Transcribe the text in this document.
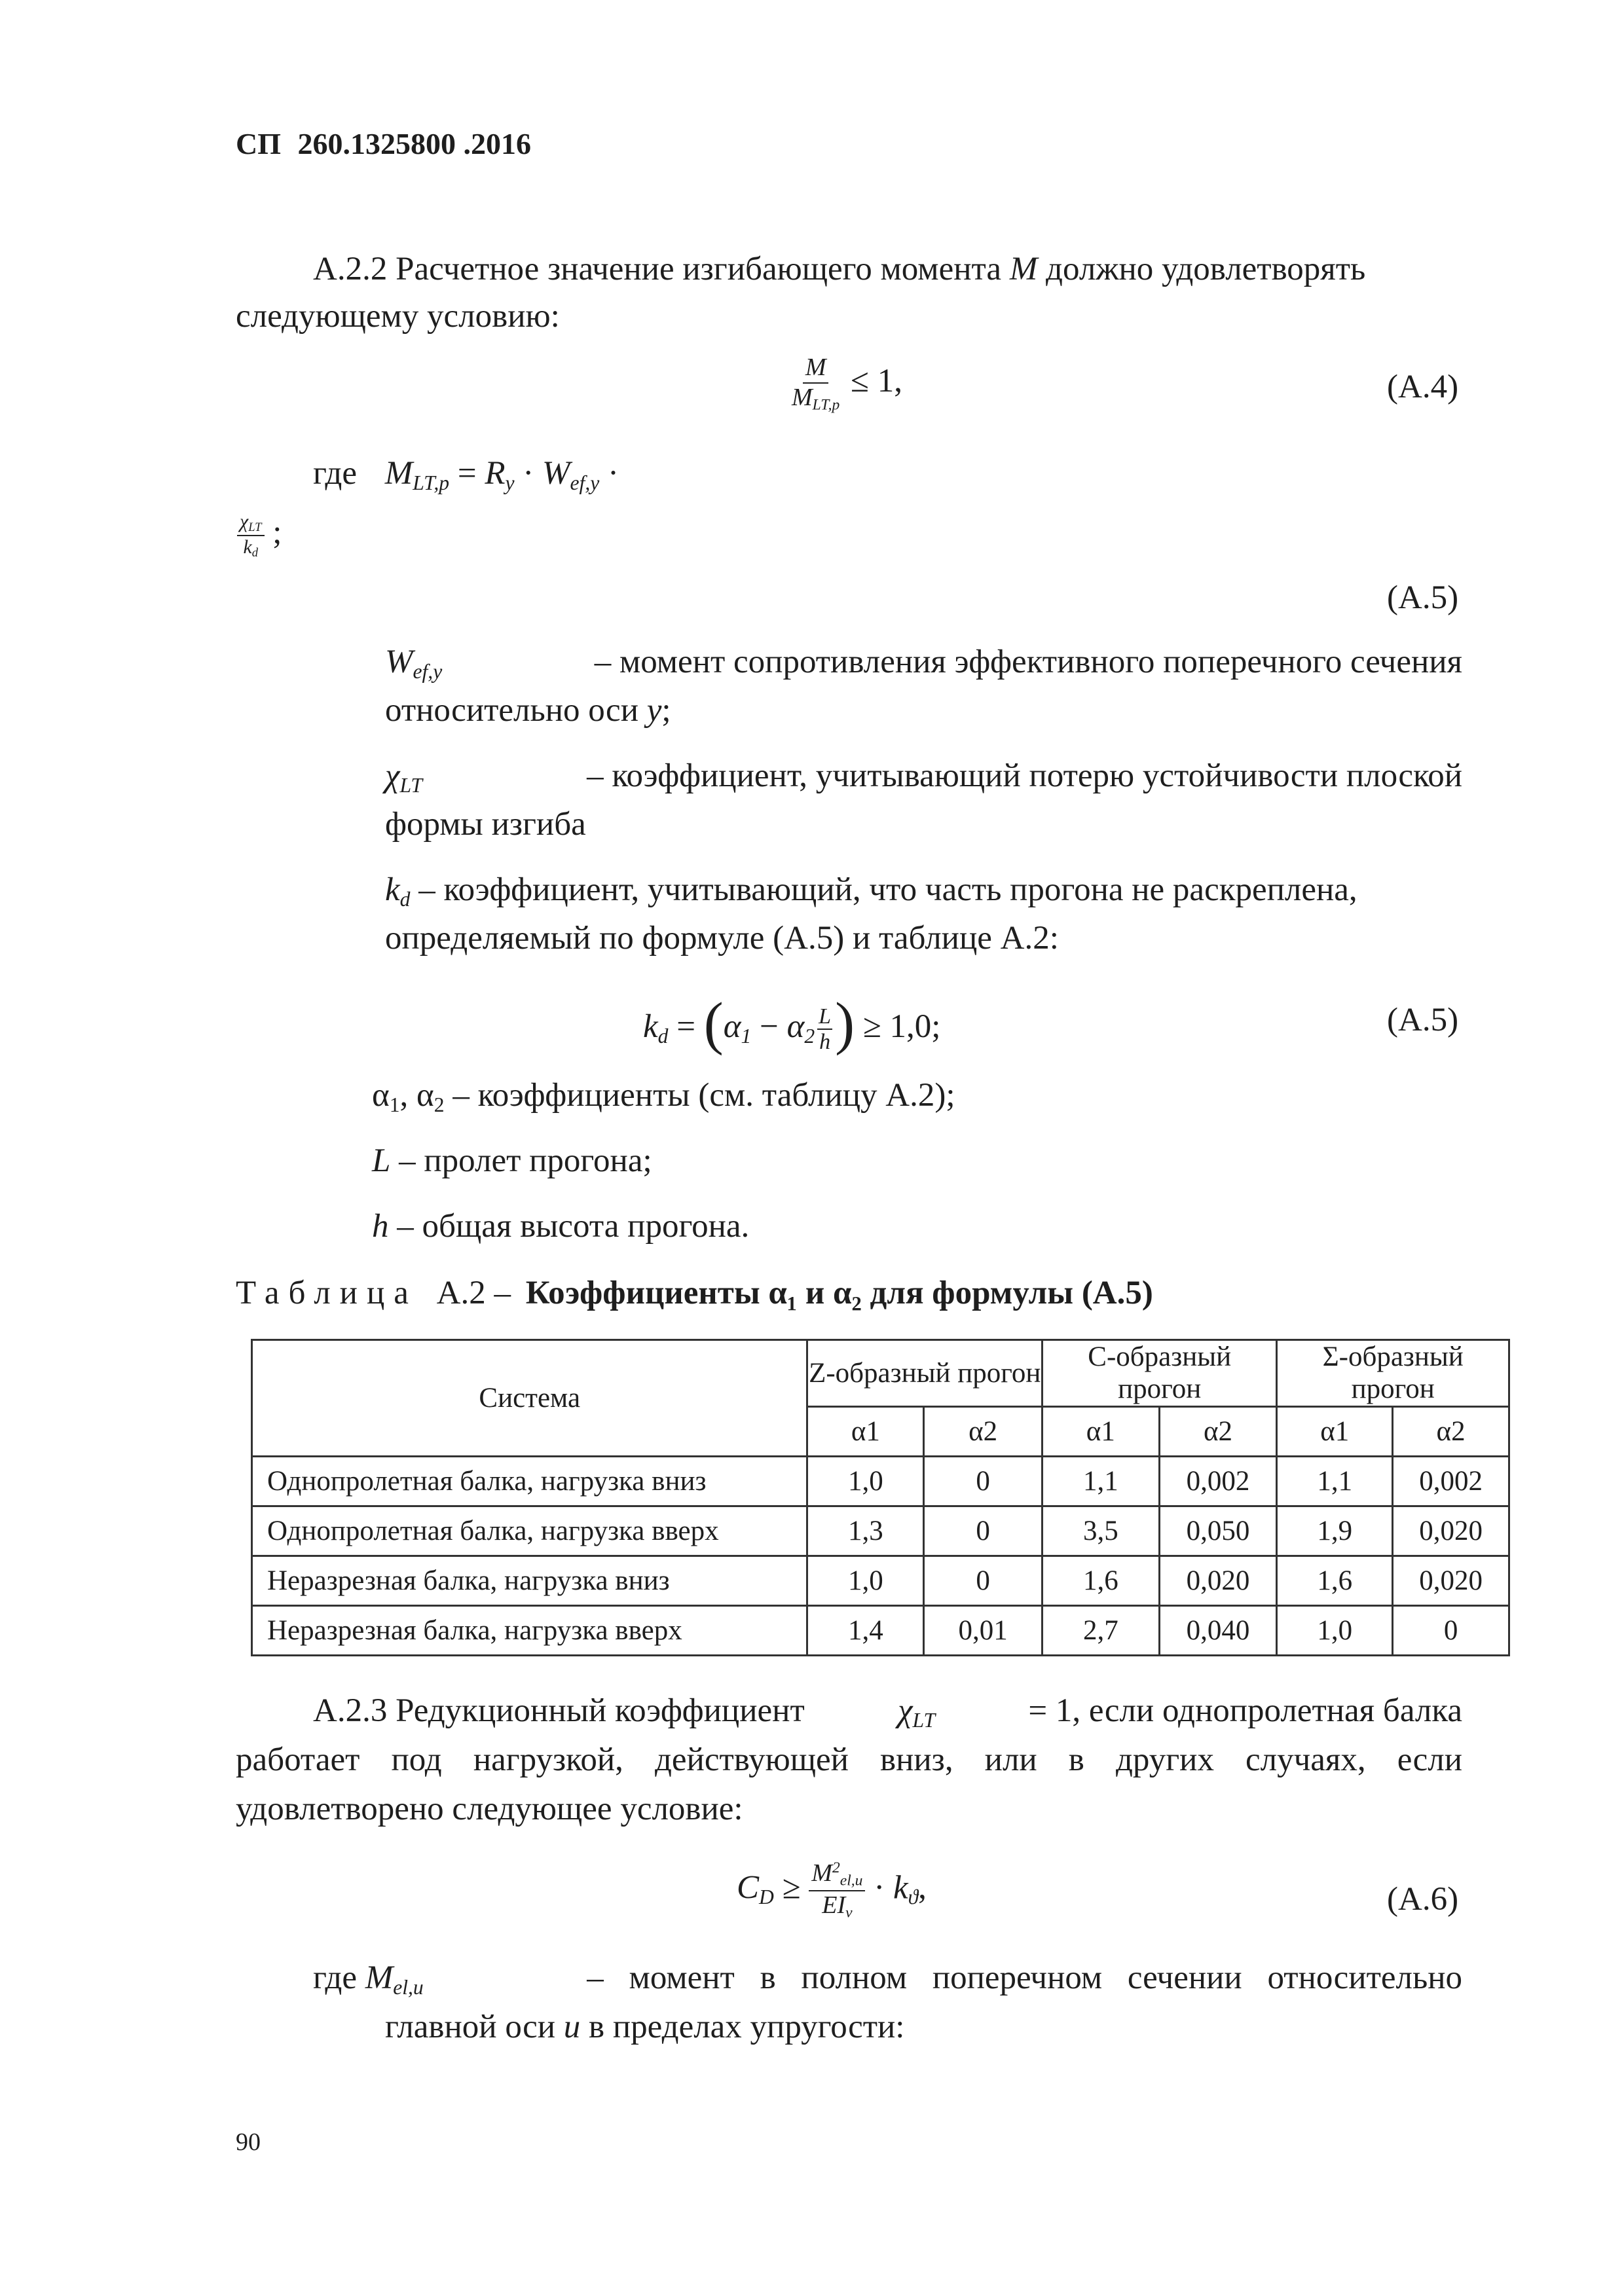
СП 260.1325800 .2016
А.2.2 Расчетное значение изгибающего момента M должно удовлетворять
следующему условию:
$\frac{M}{M_{LT,p}} \le 1$,	(А.4)
где $M_{LT,p} = R_y \cdot W_{ef,y}$ ·
$\frac{\chi_{LT}}{k_d}$ ;
(А.5)
$W_{ef,y}$	– момент сопротивления эффективного поперечного сечения
относительно оси y;
$\chi_{LT}$	– коэффициент, учитывающий потерю устойчивости плоской
формы изгиба
$k_d$ – коэффициент, учитывающий, что часть прогона не раскреплена,
определяемый по формуле (А.5) и таблице А.2:
$k_d = (\alpha_1 - \alpha_2 \frac{L}{h}$ ) ≥ 1,0;	(А.5)
$\alpha_1$, $\alpha_2$ – коэффициенты (см. таблицу А.2);
L – пролет прогона;
h – общая высота прогона.
Таблица А.2 – Коэффициенты α₁ и α₂ для формулы (А.5)
Система	Z-образный прогон		С-образный прогон		Σ-образный прогон	
	α1	α2	α1	α2	α1	α2
Однопролетная балка, нагрузка вниз	1,0	0	1,1	0,002	1,1	0,002
Однопролетная балка, нагрузка вверх	1,3	0	3,5	0,050	1,9	0,020
Неразрезная балка, нагрузка вниз	1,0	0	1,6	0,020	1,6	0,020
Неразрезная балка, нагрузка вверх	1,4	0,01	2,7	0,040	1,0	0
А.2.3 Редукционный коэффициент	$\chi_{LT}$	= 1, если однопролетная балка
работает под нагрузкой, действующей вниз, или в других случаях, если
удовлетворено следующее условие:
$C_D \ge \frac{M^2_{el,u}}{EI_v} \cdot k_ϑ$,	(А.6)
где $M_{el,u}$	– момент в полном поперечном сечении относительно
главной оси u в пределах упругости:
90
